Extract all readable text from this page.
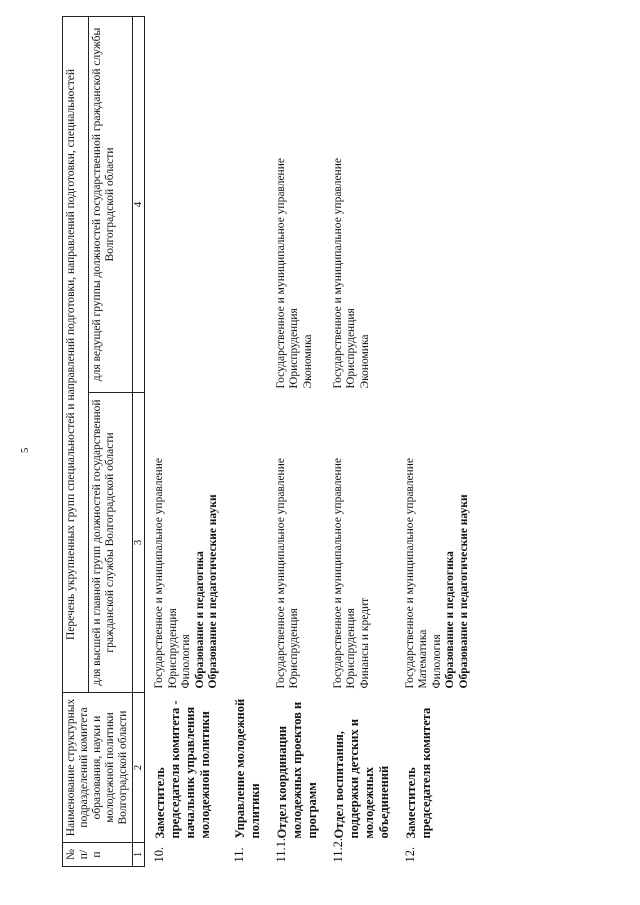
5
№ п/п	Наименование структурных подразделений комитета образования, науки и молодежной политики Волгоградской области	Перечень укрупненных групп специальностей и направлений подготовки, направлений подготовки, специальностей	
		для высшей и главной групп должностей государственной гражданской службы Волгоградской области	для ведущей группы должностей государственной гражданской службы Волгоградской области
1	2	3	4
10.	Заместитель председателя комитета - начальник управления молодежной политики	Государственное и муниципальное управление Юриспруденция Филология Образование и педагогика Образование и педагогические науки	

11.	Управление молодежной политики		
11.1.	Отдел координации молодежных проектов и программ	Государственное и муниципальное управление Юриспруденция	Государственное и муниципальное управление Юриспруденция Экономика

11.2.	Отдел воспитания, поддержки детских и молодежных объединений	Государственное и муниципальное управление Юриспруденция Финансы и кредит	Государственное и муниципальное управление Юриспруденция Экономика

12.	Заместитель председателя комитета	Государственное и муниципальное управление Математика Филология Образование и педагогика Образование и педагогические науки	
